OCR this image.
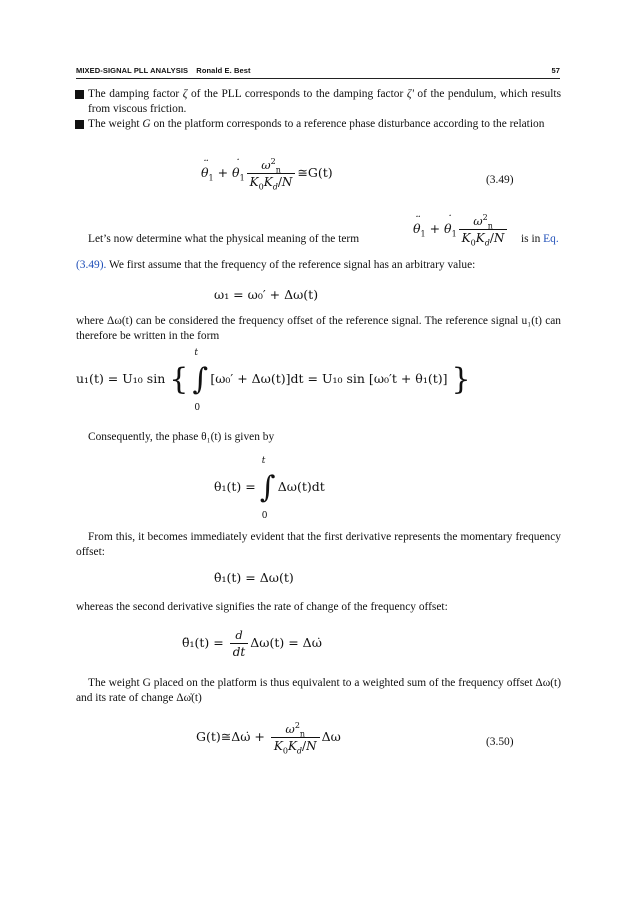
MIXED-SIGNAL PLL ANALYSIS Ronald E. Best	57
The damping factor ζ of the PLL corresponds to the damping factor ζ' of the pendulum, which results from viscous friction.
The weight G on the platform corresponds to a reference phase disturbance according to the relation
¨ $\theta_1$ + ˙ $\theta_1 \frac{\omega^2_n}{K_0K_d/N}$ ≅G(t)	(3.49)
Let’s now determine what the physical meaning of the term
¨ $\theta_1$ + ˙ $\theta_1 \frac{\omega^2_n}{K_0K_d/N}$ is in Eq.
(3.49). We first assume that the frequency of the reference signal has an arbitrary value:
ω₁ = ω₀′ + Δω(t)
where Δω(t) can be considered the frequency offset of the reference signal. The reference signal u₁(t) can therefore be written in the form
u₁(t) = U₁₀ sin { ∫
t
0
[ω₀′ + Δω(t)]dt = U₁₀ sin [ω₀′t + θ₁(t)] }
Consequently, the phase θ₁(t) is given by
θ₁(t) = ∫
t
0
Δω(t)dt
From this, it becomes immediately evident that the first derivative represents the momentary frequency offset:
θ̇₁(t) = Δω(t)
whereas the second derivative signifies the rate of change of the frequency offset:
θ̈₁(t) = $\frac{d}{dt} \Delta\omega(t)$ = Δω̇
The weight G placed on the platform is thus equivalent to a weighted sum of the frequency offset Δω(t) and its rate of change Δω̇(t)
G(t)≅Δω̇ + $\frac{\omega^2_n}{K_0K_d/N}$ Δω	(3.50)
